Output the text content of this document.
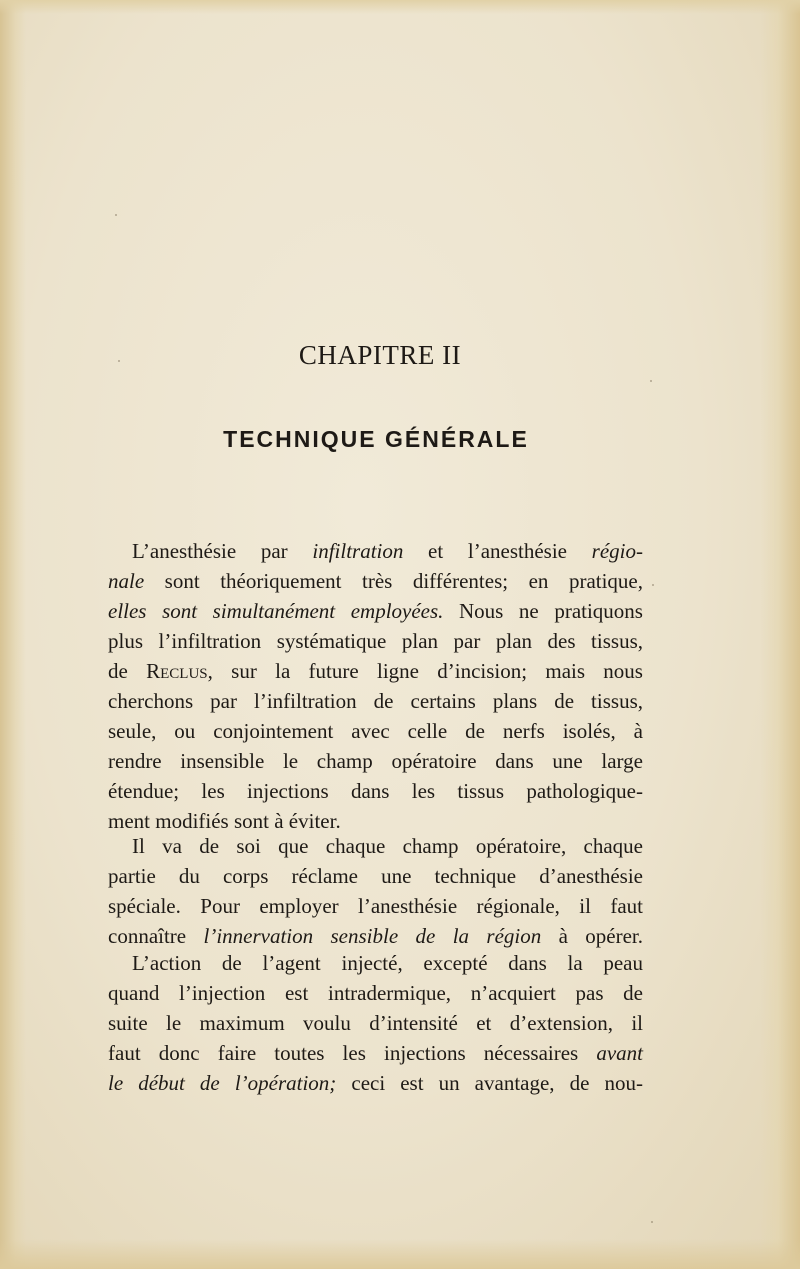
CHAPITRE II
TECHNIQUE GÉNÉRALE
L’anesthésie par infiltration et l’anesthésie régio-
nale sont théoriquement très différentes; en pratique,
elles sont simultanément employées. Nous ne pratiquons
plus l’infiltration systématique plan par plan des tissus,
de Reclus, sur la future ligne d’incision; mais nous
cherchons par l’infiltration de certains plans de tissus,
seule, ou conjointement avec celle de nerfs isolés, à
rendre insensible le champ opératoire dans une large
étendue; les injections dans les tissus pathologique-
ment modifiés sont à éviter.
Il va de soi que chaque champ opératoire, chaque
partie du corps réclame une technique d’anesthésie
spéciale. Pour employer l’anesthésie régionale, il faut
connaître l’innervation sensible de la région à opérer.
L’action de l’agent injecté, excepté dans la peau
quand l’injection est intradermique, n’acquiert pas de
suite le maximum voulu d’intensité et d’extension, il
faut donc faire toutes les injections nécessaires avant
le début de l’opération; ceci est un avantage, de nou-
